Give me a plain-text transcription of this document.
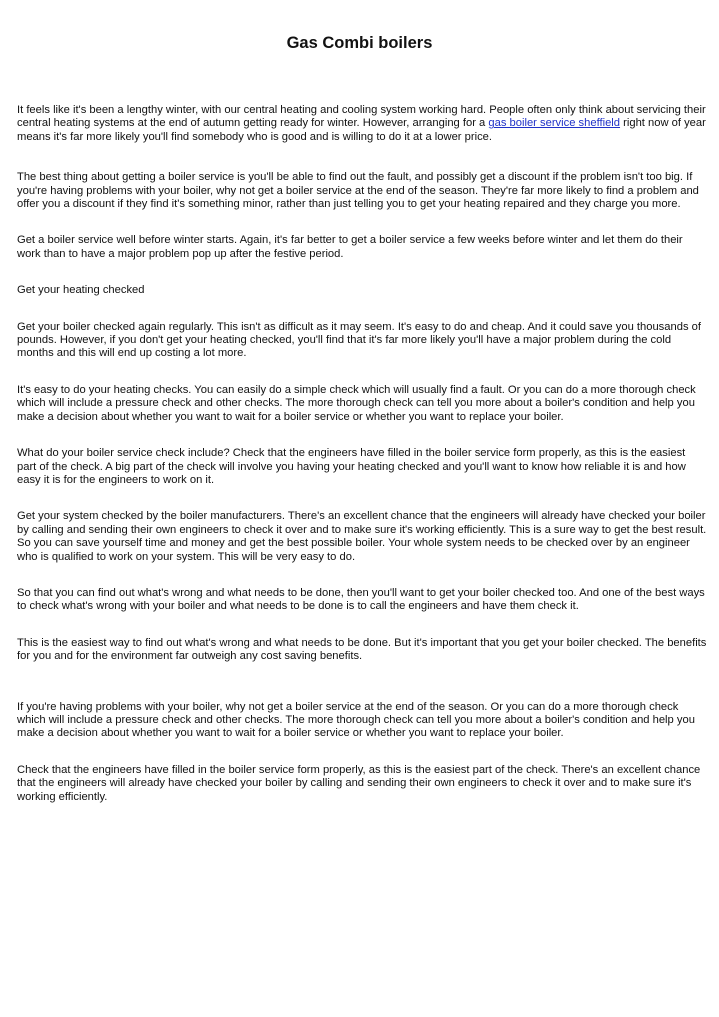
Gas Combi boilers

It feels like it's been a lengthy winter, with our central heating and cooling system working hard. People often only think about servicing their central heating systems at the end of autumn getting ready for winter. However, arranging for a gas boiler service sheffield right now of year means it's far more likely you'll find somebody who is good and is willing to do it at a lower price.

The best thing about getting a boiler service is you'll be able to find out the fault, and possibly get a discount if the problem isn't too big. If you're having problems with your boiler, why not get a boiler service at the end of the season. They're far more likely to find a problem and offer you a discount if they find it's something minor, rather than just telling you to get your heating repaired and they charge you more.

Get a boiler service well before winter starts. Again, it's far better to get a boiler service a few weeks before winter and let them do their work than to have a major problem pop up after the festive period.

Get your heating checked

Get your boiler checked again regularly. This isn't as difficult as it may seem. It's easy to do and cheap. And it could save you thousands of pounds. However, if you don't get your heating checked, you'll find that it's far more likely you'll have a major problem during the cold months and this will end up costing a lot more.

It's easy to do your heating checks. You can easily do a simple check which will usually find a fault. Or you can do a more thorough check which will include a pressure check and other checks. The more thorough check can tell you more about a boiler's condition and help you make a decision about whether you want to wait for a boiler service or whether you want to replace your boiler.

What do your boiler service check include? Check that the engineers have filled in the boiler service form properly, as this is the easiest part of the check. A big part of the check will involve you having your heating checked and you'll want to know how reliable it is and how easy it is for the engineers to work on it.

Get your system checked by the boiler manufacturers. There's an excellent chance that the engineers will already have checked your boiler by calling and sending their own engineers to check it over and to make sure it's working efficiently. This is a sure way to get the best result. So you can save yourself time and money and get the best possible boiler. Your whole system needs to be checked over by an engineer who is qualified to work on your system. This will be very easy to do.

So that you can find out what's wrong and what needs to be done, then you'll want to get your boiler checked too. And one of the best ways to check what's wrong with your boiler and what needs to be done is to call the engineers and have them check it.

This is the easiest way to find out what's wrong and what needs to be done. But it's important that you get your boiler checked. The benefits for you and for the environment far outweigh any cost saving benefits.

If you're having problems with your boiler, why not get a boiler service at the end of the season. Or you can do a more thorough check which will include a pressure check and other checks. The more thorough check can tell you more about a boiler's condition and help you make a decision about whether you want to wait for a boiler service or whether you want to replace your boiler.

Check that the engineers have filled in the boiler service form properly, as this is the easiest part of the check. There's an excellent chance that the engineers will already have checked your boiler by calling and sending their own engineers to check it over and to make sure it's working efficiently.
